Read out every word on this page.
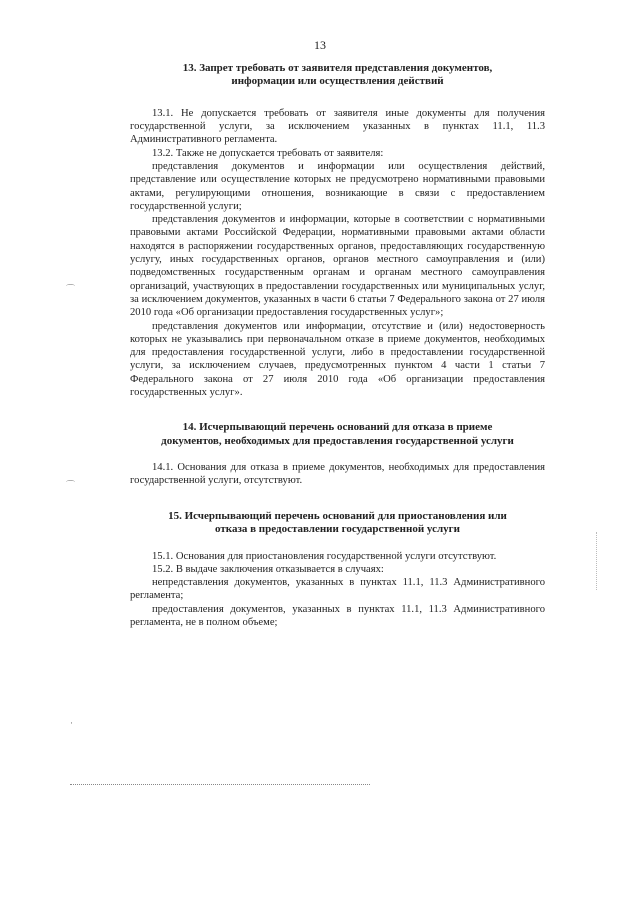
13
13. Запрет требовать от заявителя представления документов,
информации или осуществления действий

13.1. Не допускается требовать от заявителя иные документы для получения государственной услуги, за исключением указанных в пунктах 11.1, 11.3 Административного регламента.

13.2. Также не допускается требовать от заявителя:

представления документов и информации или осуществления действий, представление или осуществление которых не предусмотрено нормативными правовыми актами, регулирующими отношения, возникающие в связи с предоставлением государственной услуги;

представления документов и информации, которые в соответствии с нормативными правовыми актами Российской Федерации, нормативными правовыми актами области находятся в распоряжении государственных органов, предоставляющих государственную услугу, иных государственных органов, органов местного самоуправления и (или) подведомственных государственным органам и органам местного самоуправления организаций, участвующих в предоставлении государственных или муниципальных услуг, за исключением документов, указанных в части 6 статьи 7 Федерального закона от 27 июля 2010 года «Об организации предоставления государственных услуг»;

представления документов или информации, отсутствие и (или) недостоверность которых не указывались при первоначальном отказе в приеме документов, необходимых для предоставления государственной услуги, либо в предоставлении государственной услуги, за исключением случаев, предусмотренных пунктом 4 части 1 статьи 7 Федерального закона от 27 июля 2010 года «Об организации предоставления государственных услуг».

14. Исчерпывающий перечень оснований для отказа в приеме
документов, необходимых для предоставления государственной услуги

14.1. Основания для отказа в приеме документов, необходимых для предоставления государственной услуги, отсутствуют.

15. Исчерпывающий перечень оснований для приостановления или
отказа в предоставлении государственной услуги

15.1. Основания для приостановления государственной услуги отсутствуют.

15.2. В выдаче заключения отказывается в случаях:

непредставления документов, указанных в пунктах 11.1, 11.3 Административного регламента;

предоставления документов, указанных в пунктах 11.1, 11.3 Административного регламента, не в полном объеме;

⌒
⌒
·
